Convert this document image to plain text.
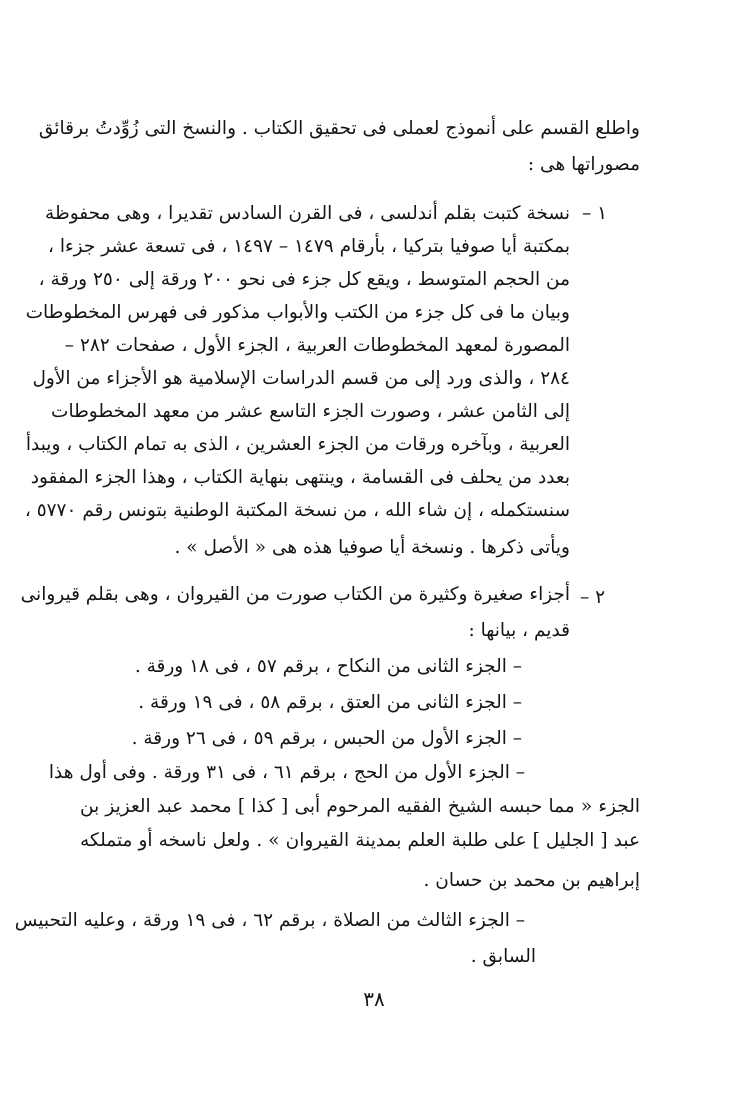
واطلع القسم على أنموذج لعملى فى تحقيق الكتاب . والنسخ التى زُوِّدتُ برقائق
مصوراتها هى :
١ –
نسخة كتبت بقلم أندلسى ، فى القرن السادس تقديرا ، وهى محفوظة
بمكتبة أيا صوفيا بتركيا ، بأرقام ١٤٧٩ – ١٤٩٧ ، فى تسعة عشر جزءا ،
من الحجم المتوسط ، ويقع كل جزء فى نحو ٢٠٠ ورقة إلى ٢٥٠ ورقة ،
وبيان ما فى كل جزء من الكتب والأبواب مذكور فى فهرس المخطوطات
المصورة لمعهد المخطوطات العربية ، الجزء الأول ، صفحات ٢٨٢ –
٢٨٤ ، والذى ورد إلى من قسم الدراسات الإسلامية هو الأجزاء من الأول
إلى الثامن عشر ، وصورت الجزء التاسع عشر من معهد المخطوطات
العربية ، وبآخره ورقات من الجزء العشرين ، الذى به تمام الكتاب ، ويبدأ
بعدد من يحلف فى القسامة ، وينتهى بنهاية الكتاب ، وهذا الجزء المفقود
سنستكمله ، إن شاء الله ، من نسخة المكتبة الوطنية بتونس رقم ٥٧٧٠ ،
ويأتى ذكرها . ونسخة أيا صوفيا هذه هى « الأصل » .
٢ –
أجزاء صغيرة وكثيرة من الكتاب صورت من القيروان ، وهى بقلم قيروانى
قديم ، بيانها :
– الجزء الثانى من النكاح ، برقم ٥٧ ، فى ١٨ ورقة .
– الجزء الثانى من العتق ، برقم ٥٨ ، فى ١٩ ورقة .
– الجزء الأول من الحبس ، برقم ٥٩ ، فى ٢٦ ورقة .
– الجزء الأول من الحج ، برقم ٦١ ، فى ٣١ ورقة . وفى أول هذا
الجزء « مما حبسه الشيخ الفقيه المرحوم أبى [ كذا ] محمد عبد العزيز بن
عبد [ الجليل ] على طلبة العلم بمدينة القيروان » . ولعل ناسخه أو متملكه
إبراهيم بن محمد بن حسان .
– الجزء الثالث من الصلاة ، برقم ٦٢ ، فى ١٩ ورقة ، وعليه التحبيس
السابق .
٣٨
